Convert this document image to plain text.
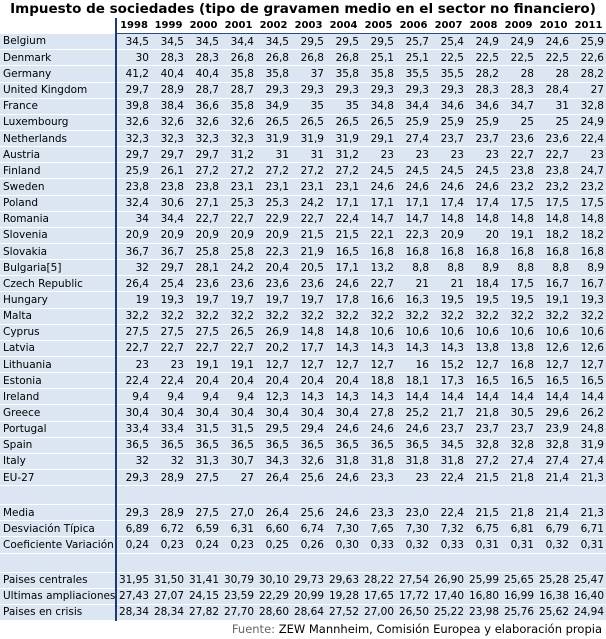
Impuesto de sociedades (tipo de gravamen medio en el sector no financiero)
	1998	1999	2000	2001	2002	2003	2004	2005	2006	2007	2008	2009	2010	2011
Belgium	34,5	34,5	34,5	34,4	34,5	29,5	29,5	29,5	25,7	25,4	24,9	24,9	24,6	25,9
Denmark	30	28,3	28,3	26,8	26,8	26,8	26,8	25,1	25,1	22,5	22,5	22,5	22,5	22,6
Germany	41,2	40,4	40,4	35,8	35,8	37	35,8	35,8	35,5	35,5	28,2	28	28	28,2
United Kingdom	29,7	28,9	28,7	28,7	29,3	29,3	29,3	29,3	29,3	29,3	28,3	28,3	28,4	27
France	39,8	38,4	36,6	35,8	34,9	35	35	34,8	34,4	34,6	34,6	34,7	31	32,8
Luxembourg	32,6	32,6	32,6	32,6	26,5	26,5	26,5	26,5	25,9	25,9	25,9	25	25	24,9
Netherlands	32,3	32,3	32,3	32,3	31,9	31,9	31,9	29,1	27,4	23,7	23,7	23,6	23,6	22,4
Austria	29,7	29,7	29,7	31,2	31	31	31,2	23	23	23	23	22,7	22,7	23
Finland	25,9	26,1	27,2	27,2	27,2	27,2	27,2	24,5	24,5	24,5	24,5	23,8	23,8	24,7
Sweden	23,8	23,8	23,8	23,1	23,1	23,1	23,1	24,6	24,6	24,6	24,6	23,2	23,2	23,2
Poland	32,4	30,6	27,1	25,3	25,3	24,2	17,1	17,1	17,1	17,4	17,4	17,5	17,5	17,5
Romania	34	34,4	22,7	22,7	22,9	22,7	22,4	14,7	14,7	14,8	14,8	14,8	14,8	14,8
Slovenia	20,9	20,9	20,9	20,9	20,9	21,5	21,5	22,1	22,3	20,9	20	19,1	18,2	18,2
Slovakia	36,7	36,7	25,8	25,8	22,3	21,9	16,5	16,8	16,8	16,8	16,8	16,8	16,8	16,8
Bulgaria[5]	32	29,7	28,1	24,2	20,4	20,5	17,1	13,2	8,8	8,8	8,9	8,8	8,8	8,9
Czech Republic	26,4	25,4	23,6	23,6	23,6	23,6	24,6	22,7	21	21	18,4	17,5	16,7	16,7
Hungary	19	19,3	19,7	19,7	19,7	19,7	17,8	16,6	16,3	19,5	19,5	19,5	19,1	19,3
Malta	32,2	32,2	32,2	32,2	32,2	32,2	32,2	32,2	32,2	32,2	32,2	32,2	32,2	32,2
Cyprus	27,5	27,5	27,5	26,5	26,9	14,8	14,8	10,6	10,6	10,6	10,6	10,6	10,6	10,6
Latvia	22,7	22,7	22,7	22,7	20,2	17,7	14,3	14,3	14,3	14,3	13,8	13,8	12,6	12,6
Lithuania	23	23	19,1	19,1	12,7	12,7	12,7	12,7	16	15,2	12,7	16,8	12,7	12,7
Estonia	22,4	22,4	20,4	20,4	20,4	20,4	20,4	18,8	18,1	17,3	16,5	16,5	16,5	16,5
Ireland	9,4	9,4	9,4	9,4	12,3	14,3	14,3	14,3	14,4	14,4	14,4	14,4	14,4	14,4
Greece	30,4	30,4	30,4	30,4	30,4	30,4	30,4	27,8	25,2	21,7	21,8	30,5	29,6	26,2
Portugal	33,4	33,4	31,5	31,5	29,5	29,4	24,6	24,6	24,6	23,7	23,7	23,7	23,9	24,8
Spain	36,5	36,5	36,5	36,5	36,5	36,5	36,5	36,5	36,5	34,5	32,8	32,8	32,8	31,9
Italy	32	32	31,3	30,7	34,3	32,6	31,8	31,8	31,8	31,8	27,2	27,4	27,4	27,4
EU-27	29,3	28,9	27,5	27	26,4	25,6	24,6	23,3	23	22,4	21,5	21,8	21,4	21,3

Media	29,3	28,9	27,5	27,0	26,4	25,6	24,6	23,3	23,0	22,4	21,5	21,8	21,4	21,3
Desviación Típica	6,89	6,72	6,59	6,31	6,60	6,74	7,30	7,65	7,30	7,32	6,75	6,81	6,79	6,71
Coeficiente Variación	0,24	0,23	0,24	0,23	0,25	0,26	0,30	0,33	0,32	0,33	0,31	0,31	0,32	0,31

Paises centrales	31,95	31,50	31,41	30,79	30,10	29,73	29,63	28,22	27,54	26,90	25,99	25,65	25,28	25,47
Ultimas ampliaciones	27,43	27,07	24,15	23,59	22,29	20,99	19,28	17,65	17,72	17,40	16,80	16,99	16,38	16,40
Paises en crisis	28,34	28,34	27,82	27,70	28,60	28,64	27,52	27,00	26,50	25,22	23,98	25,76	25,62	24,94
Fuente: ZEW Mannheim, Comisión Europea y elaboración propia
